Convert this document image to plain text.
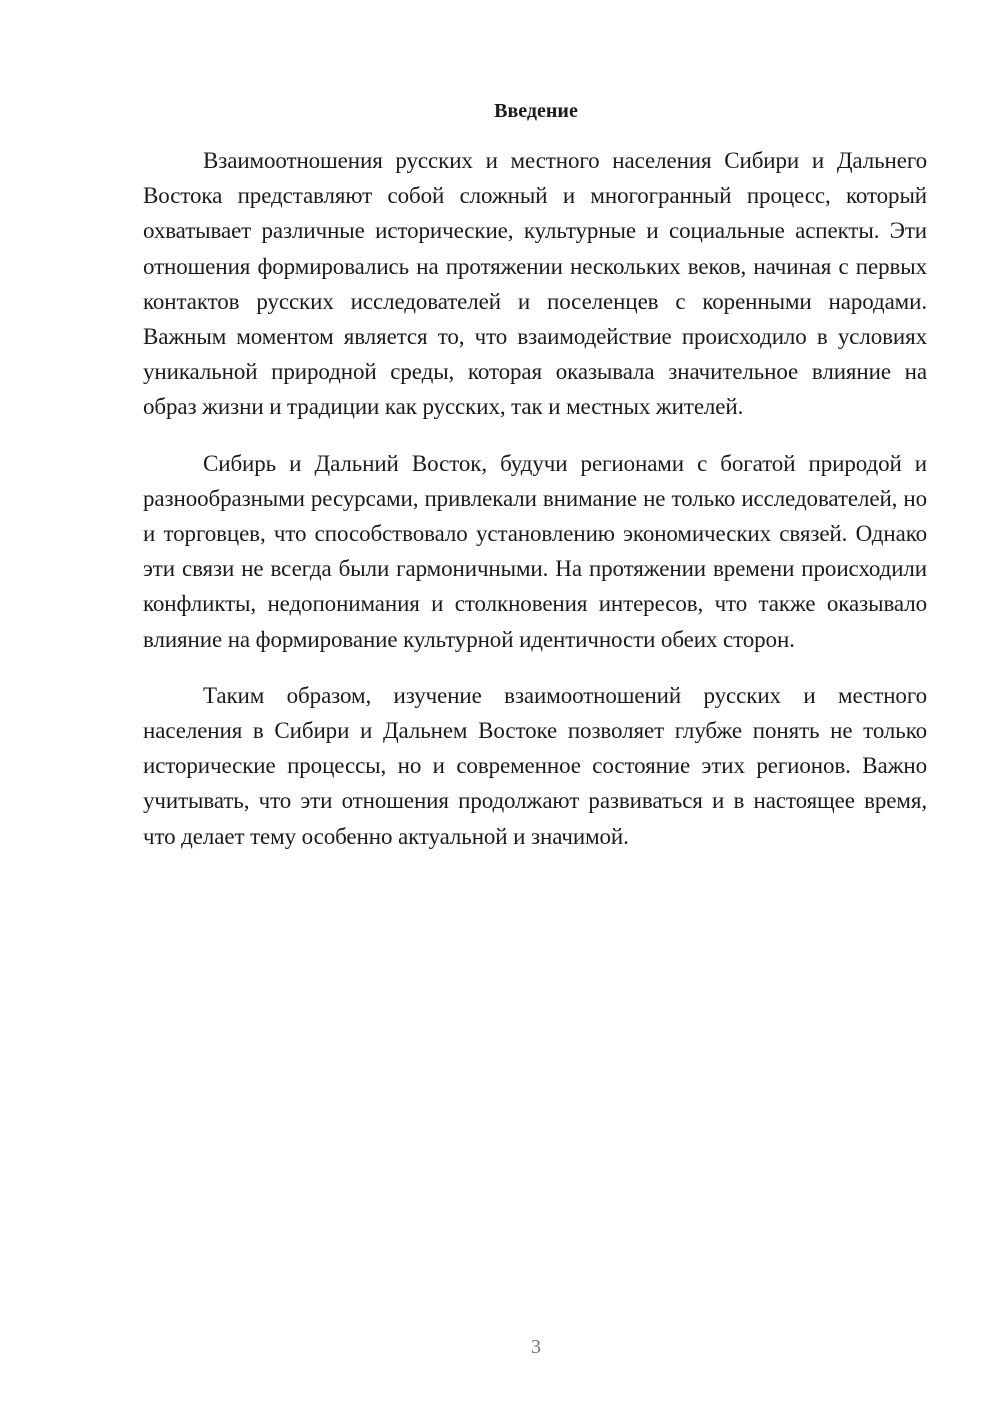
Введение

Взаимоотношения русских и местного населения Сибири и Дальнего Востока представляют собой сложный и многогранный процесс, который охватывает различные исторические, культурные и социальные аспекты. Эти отношения формировались на протяжении нескольких веков, начиная с первых контактов русских исследователей и поселенцев с коренными народами. Важным моментом является то, что взаимодействие происходило в условиях уникальной природной среды, которая оказывала значительное влияние на образ жизни и традиции как русских, так и местных жителей.

Сибирь и Дальний Восток, будучи регионами с богатой природой и разнообразными ресурсами, привлекали внимание не только исследователей, но и торговцев, что способствовало установлению экономических связей. Однако эти связи не всегда были гармоничными. На протяжении времени происходили конфликты, недопонимания и столкновения интересов, что также оказывало влияние на формирование культурной идентичности обеих сторон.

Таким образом, изучение взаимоотношений русских и местного населения в Сибири и Дальнем Востоке позволяет глубже понять не только исторические процессы, но и современное состояние этих регионов. Важно учитывать, что эти отношения продолжают развиваться и в настоящее время, что делает тему особенно актуальной и значимой.

3
